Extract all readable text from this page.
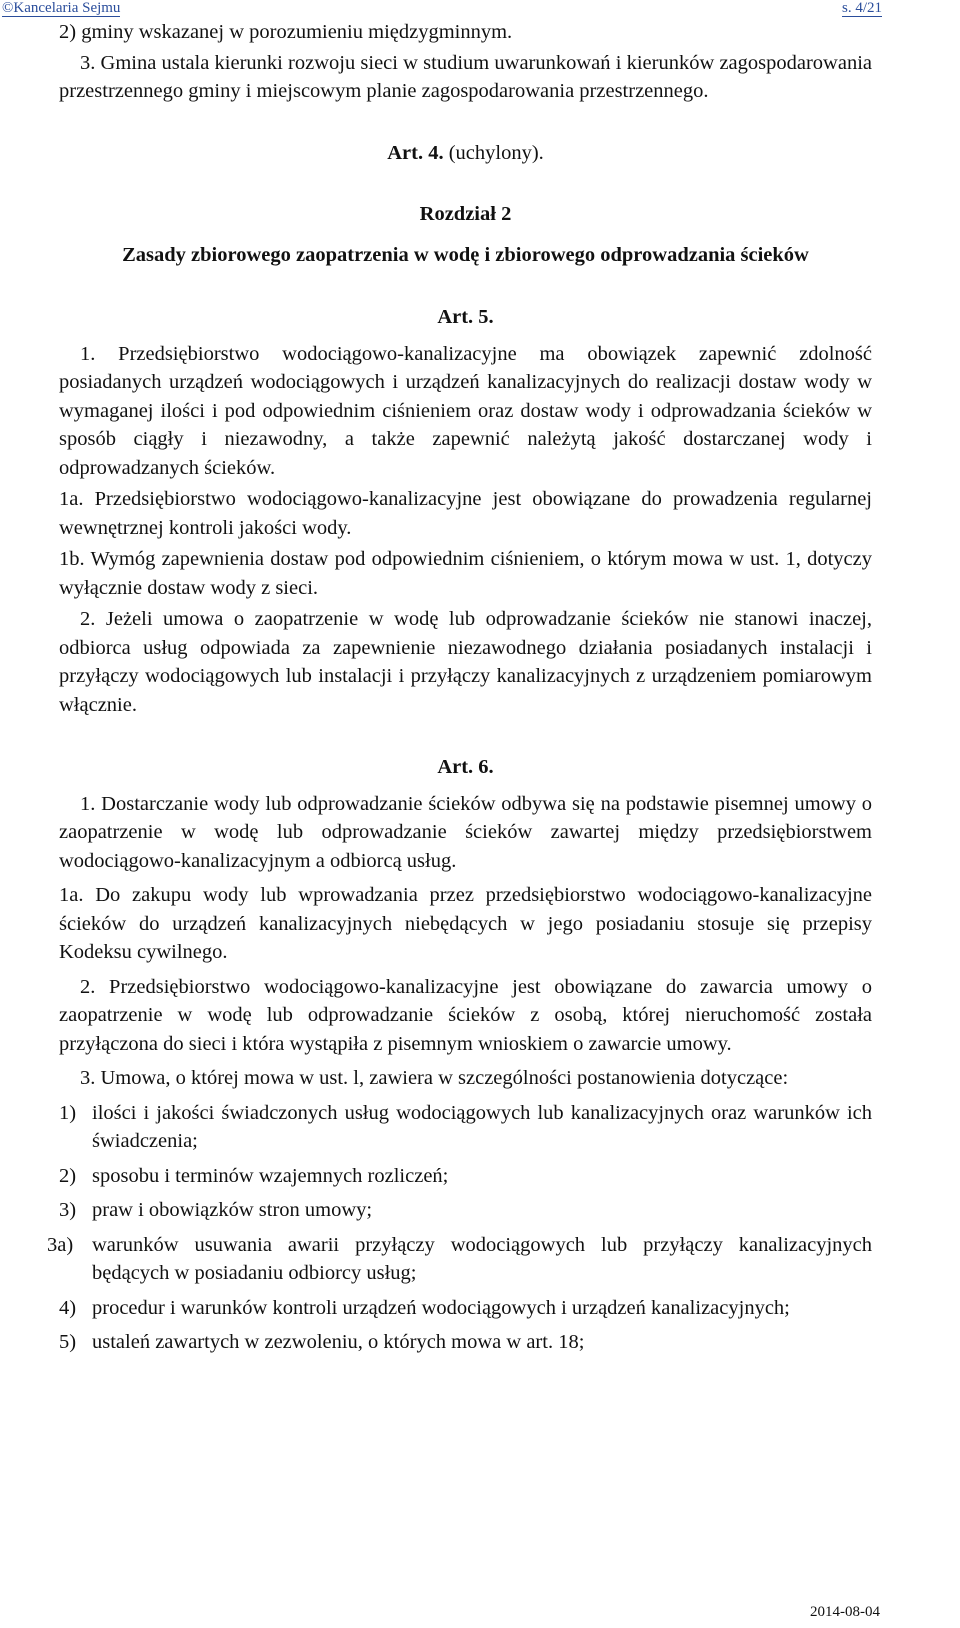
©Kancelaria Sejmu	s. 4/21

2) gminy wskazanej w porozumieniu międzygminnym.

3. Gmina ustala kierunki rozwoju sieci w studium uwarunkowań i kierunków zagospodarowania przestrzennego gminy i miejscowym planie zagospodarowania przestrzennego.

Art. 4. (uchylony).

Rozdział 2

Zasady zbiorowego zaopatrzenia w wodę i zbiorowego odprowadzania ścieków

Art. 5.

1. Przedsiębiorstwo wodociągowo-kanalizacyjne ma obowiązek zapewnić zdolność posiadanych urządzeń wodociągowych i urządzeń kanalizacyjnych do realizacji dostaw wody w wymaganej ilości i pod odpowiednim ciśnieniem oraz dostaw wody i odprowadzania ścieków w sposób ciągły i niezawodny, a także zapewnić należytą jakość dostarczanej wody i odprowadzanych ścieków.

1a. Przedsiębiorstwo wodociągowo-kanalizacyjne jest obowiązane do prowadzenia regularnej wewnętrznej kontroli jakości wody.

1b. Wymóg zapewnienia dostaw pod odpowiednim ciśnieniem, o którym mowa w ust. 1, dotyczy wyłącznie dostaw wody z sieci.

2. Jeżeli umowa o zaopatrzenie w wodę lub odprowadzanie ścieków nie stanowi inaczej, odbiorca usług odpowiada za zapewnienie niezawodnego działania posiadanych instalacji i przyłączy wodociągowych lub instalacji i przyłączy kanalizacyjnych z urządzeniem pomiarowym włącznie.

Art. 6.

1. Dostarczanie wody lub odprowadzanie ścieków odbywa się na podstawie pisemnej umowy o zaopatrzenie w wodę lub odprowadzanie ścieków zawartej między przedsiębiorstwem wodociągowo-kanalizacyjnym a odbiorcą usług.

1a. Do zakupu wody lub wprowadzania przez przedsiębiorstwo wodociągowo-kanalizacyjne ścieków do urządzeń kanalizacyjnych niebędących w jego posiadaniu stosuje się przepisy Kodeksu cywilnego.

2. Przedsiębiorstwo wodociągowo-kanalizacyjne jest obowiązane do zawarcia umowy o zaopatrzenie w wodę lub odprowadzanie ścieków z osobą, której nieruchomość została przyłączona do sieci i która wystąpiła z pisemnym wnioskiem o zawarcie umowy.

3. Umowa, o której mowa w ust. l, zawiera w szczególności postanowienia dotyczące:

1) ilości i jakości świadczonych usług wodociągowych lub kanalizacyjnych oraz warunków ich świadczenia;
2) sposobu i terminów wzajemnych rozliczeń;
3) praw i obowiązków stron umowy;
3a) warunków usuwania awarii przyłączy wodociągowych lub przyłączy kanalizacyjnych będących w posiadaniu odbiorcy usług;
4) procedur i warunków kontroli urządzeń wodociągowych i urządzeń kanalizacyjnych;
5) ustaleń zawartych w zezwoleniu, o których mowa w art. 18;
2014-08-04
